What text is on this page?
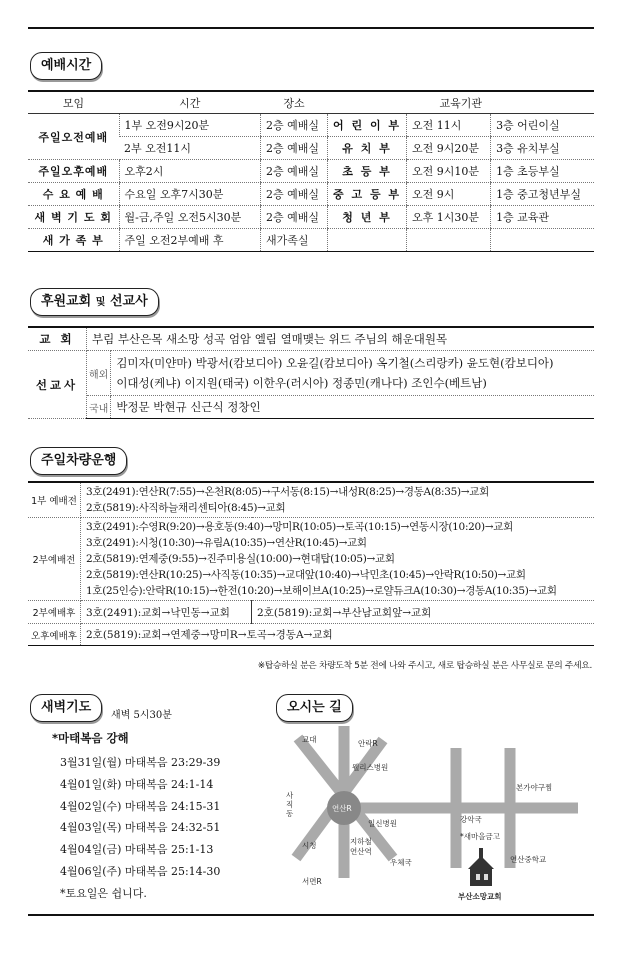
예배시간
모임	시간	장소	교육기관		
주일오전예배	1부 오전9시20분	2층 예배실	어 린 이 부	오전 11시	3층 어린이실
	2부 오전11시	2층 예배실	유 치 부	오전 9시20분	3층 유치부실
주일오후예배	오후2시	2층 예배실	초 등 부	오전 9시10분	1층 초등부실
수 요 예 배	수요일 오후7시30분	2층 예배실	중 고 등 부	오전 9시	1층 중고청년부실
새 벽 기 도 회	월-금,주일 오전5시30분	2층 예배실	청 년 부	오후 1시30분	1층 교육관
새 가 족 부	주일 오전2부예배 후	새가족실			
후원교회 및 선교사
교 회	부림 부산은목 새소망 성곡 엄암 엘림 열매맺는 위드 주님의 해운대원목	
선교사	해외	김미자(미얀마) 박광서(캄보디아) 오윤길(캄보디아) 옥기철(스리랑카) 윤도현(캄보디아)
이대성(케냐) 이지원(태국) 이한우(러시아) 정종민(캐나다) 조인수(베트남)

	국내	박정문 박현규 신근식 정창인
주일차량운행
1부 예배전	3호(2491):연산R(7:55)→온천R(8:05)→구서동(8:15)→내성R(8:25)→경동A(8:35)→교회
2호(5819):사직하늘채리센티아(8:45)→교회	

2부예배전	3호(2491):수영R(9:20)→용호동(9:40)→망미R(10:05)→토곡(10:15)→연동시장(10:20)→교회
3호(2491):시청(10:30)→유림A(10:35)→연산R(10:45)→교회
2호(5819):연제중(9:55)→진주미용실(10:00)→현대탑(10:05)→교회
2호(5819):연산R(10:25)→사직동(10:35)→교대앞(10:40)→낙민초(10:45)→안락R(10:50)→교회
1호(25인승):안락R(10:15)→한전(10:20)→보해이브A(10:25)→로얄듀크A(10:30)→경동A(10:35)→교회	

2부예배후	3호(2491):교회→낙민동→교회	2호(5819):교회→부산남교회앞→교회
오후예배후	2호(5819):교회→연제중→망미R→토곡→경동A→교회	
※탑승하실 분은 차량도착 5분 전에 나와 주시고, 새로 탑승하실 분은 사무실로 문의 주세요.
새벽기도
새벽 5시30분
*마태복음 강해
3월31일(월) 마태복음 23:29-39
4월01일(화) 마태복음 24:1-14
4월02일(수) 마태복음 24:15-31
4월03일(목) 마태복음 24:32-51
4월04일(금) 마태복음 25:1-13
4월06일(주) 마태복음 25:14-30
*토요일은 쉽니다.
오시는 길
연산R
교대	안락R
웰리스병원
사
직
동
일신병원
시청	지하철
연산역
우체국
서면R
본가야구찜
강악국
*새마을금고
연산중학교
부산소망교회
